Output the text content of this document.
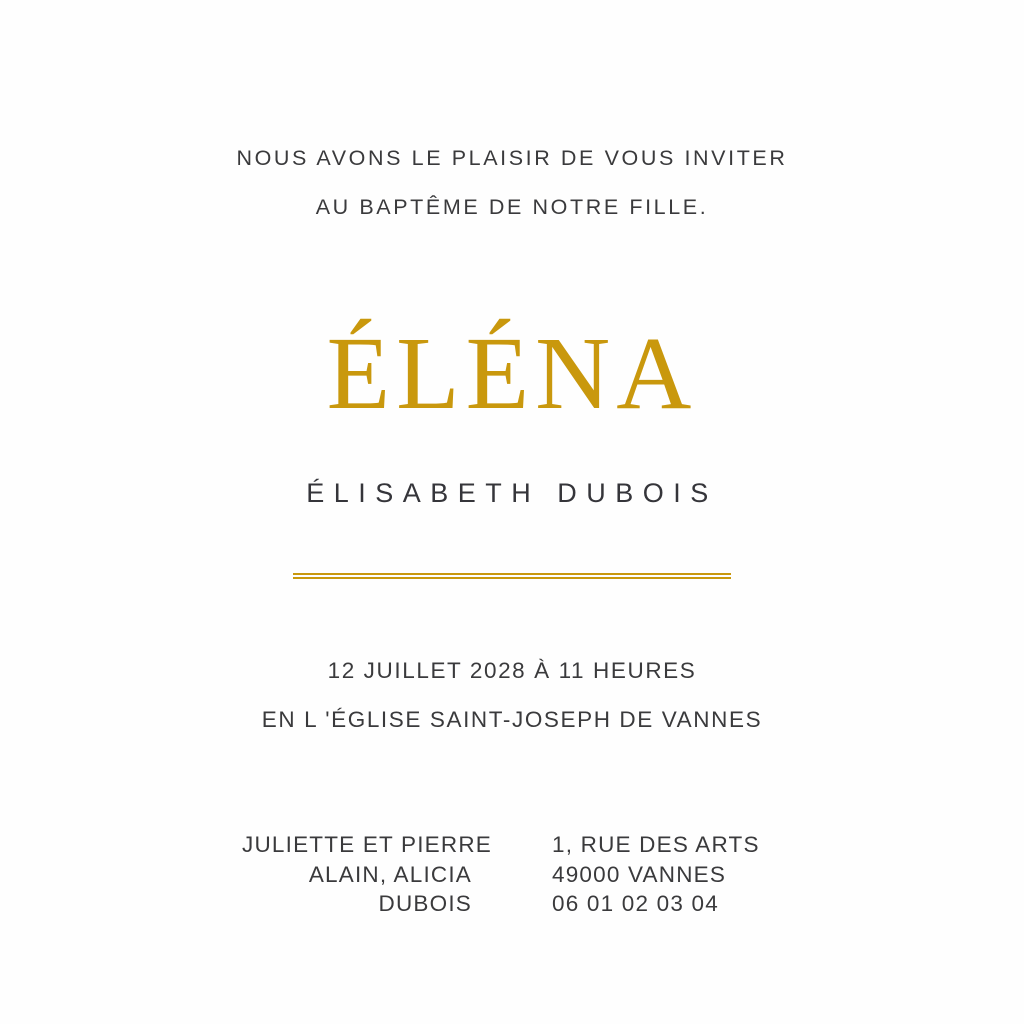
NOUS AVONS LE PLAISIR DE VOUS INVITER
AU BAPTÊME DE NOTRE FILLE.
ÉLÉNA
ÉLISABETH DUBOIS
12 JUILLET 2028 À 11 HEURES
EN L 'ÉGLISE SAINT-JOSEPH DE VANNES
JULIETTE ET PIERRE
ALAIN, ALICIA
DUBOIS
1, RUE DES ARTS
49000 VANNES
06 01 02 03 04
